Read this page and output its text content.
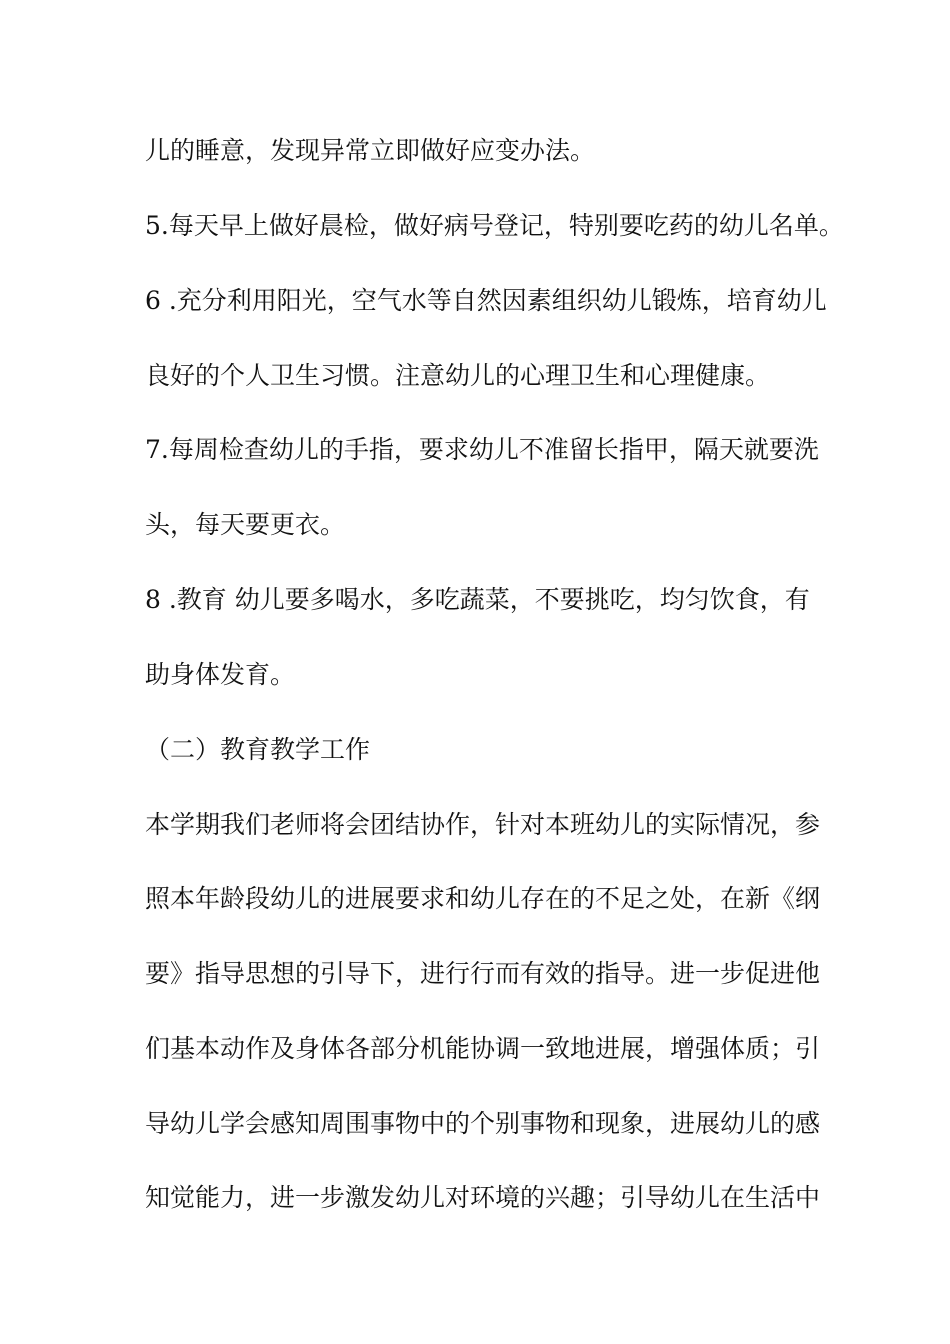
儿的睡意，发现异常立即做好应变办法。
5.每天早上做好晨检，做好病号登记，特别要吃药的幼儿名单。
6 .充分利用阳光，空气水等自然因素组织幼儿锻炼，培育幼儿
良好的个人卫生习惯。注意幼儿的心理卫生和心理健康。
7.每周检查幼儿的手指，要求幼儿不准留长指甲，隔天就要洗
头，每天要更衣。
8 .教育 幼儿要多喝水，多吃蔬菜，不要挑吃，均匀饮食，有
助身体发育。
（二）教育教学工作
本学期我们老师将会团结协作，针对本班幼儿的实际情况，参
照本年龄段幼儿的进展要求和幼儿存在的不足之处，在新《纲
要》指导思想的引导下，进行行而有效的指导。进一步促进他
们基本动作及身体各部分机能协调一致地进展，增强体质；引
导幼儿学会感知周围事物中的个别事物和现象，进展幼儿的感
知觉能力，进一步激发幼儿对环境的兴趣；引导幼儿在生活中
